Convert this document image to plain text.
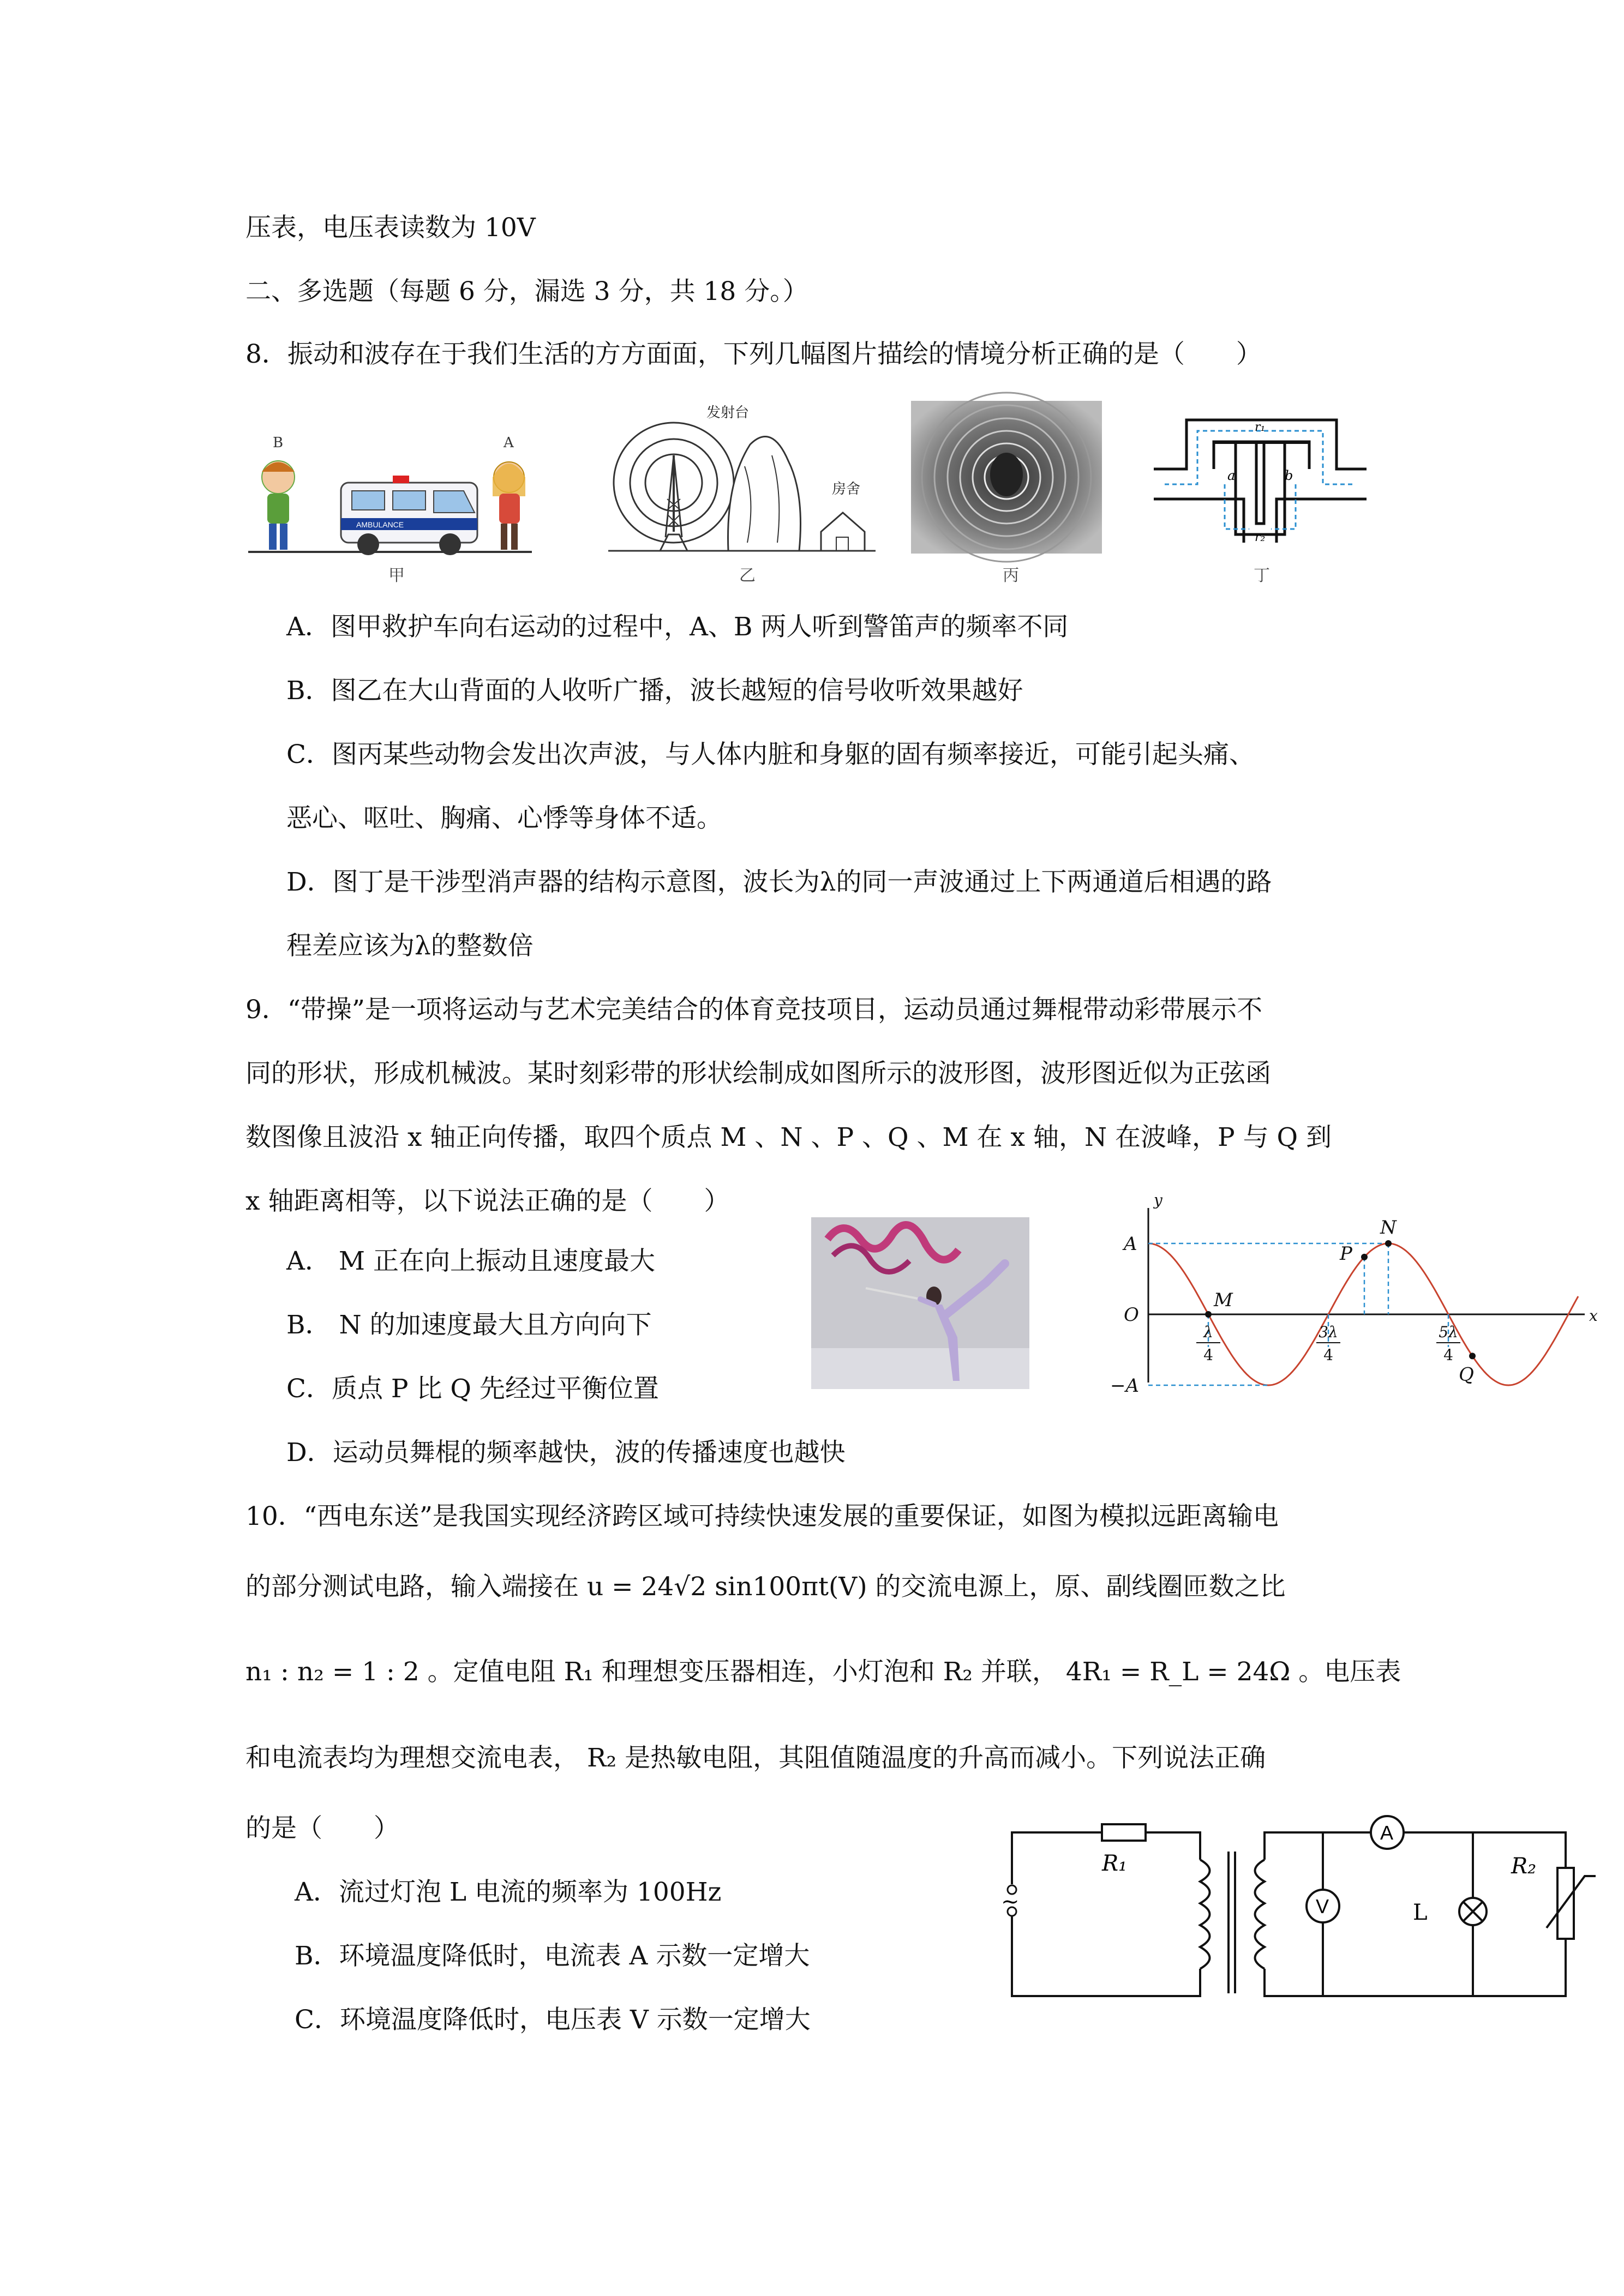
压表，电压表读数为 10V
二、多选题（每题 6 分，漏选 3 分，共 18 分。）
8．振动和波存在于我们生活的方方面面，下列几幅图片描绘的情境分析正确的是（　　）
AMBULANCE
B	A
甲
发射台
房舍
乙	丙
r₁
r₂
a	b
丁
A．图甲救护车向右运动的过程中，A、B 两人听到警笛声的频率不同
B．图乙在大山背面的人收听广播，波长越短的信号收听效果越好
C．图丙某些动物会发出次声波，与人体内脏和身躯的固有频率接近，可能引起头痛、
恶心、呕吐、胸痛、心悸等身体不适。
D．图丁是干涉型消声器的结构示意图，波长为λ的同一声波通过上下两通道后相遇的路
程差应该为λ的整数倍
9．“带操”是一项将运动与艺术完美结合的体育竞技项目，运动员通过舞棍带动彩带展示不
同的形状，形成机械波。某时刻彩带的形状绘制成如图所示的波形图，波形图近似为正弦函
数图像且波沿 x 轴正向传播，取四个质点 M 、N 、P 、Q 、M 在 x 轴，N 在波峰，P 与 Q 到
x 轴距离相等，以下说法正确的是（　　）
A． M 正在向上振动且速度最大
B． N 的加速度最大且方向向下
C．质点 P 比 Q 先经过平衡位置
D．运动员舞棍的频率越快，波的传播速度也越快
y
x
A
O
−A
M
N
P
Q
λ
4
3λ
4
5λ
4
10．“西电东送”是我国实现经济跨区域可持续快速发展的重要保证，如图为模拟远距离输电
的部分测试电路，输入端接在 u = 24√2 sin100πt(V) 的交流电源上，原、副线圈匝数之比
n₁ : n₂ = 1 : 2 。定值电阻 R₁ 和理想变压器相连，小灯泡和 R₂ 并联， 4R₁ = R_L = 24Ω 。电压表
和电流表均为理想交流电表， R₂ 是热敏电阻，其阻值随温度的升高而减小。下列说法正确
的是（　　）
A．流过灯泡 L 电流的频率为 100Hz
B．环境温度降低时，电流表 A 示数一定增大
C．环境温度降低时，电压表 V 示数一定增大
R₁	R₂
A
V	L
~
